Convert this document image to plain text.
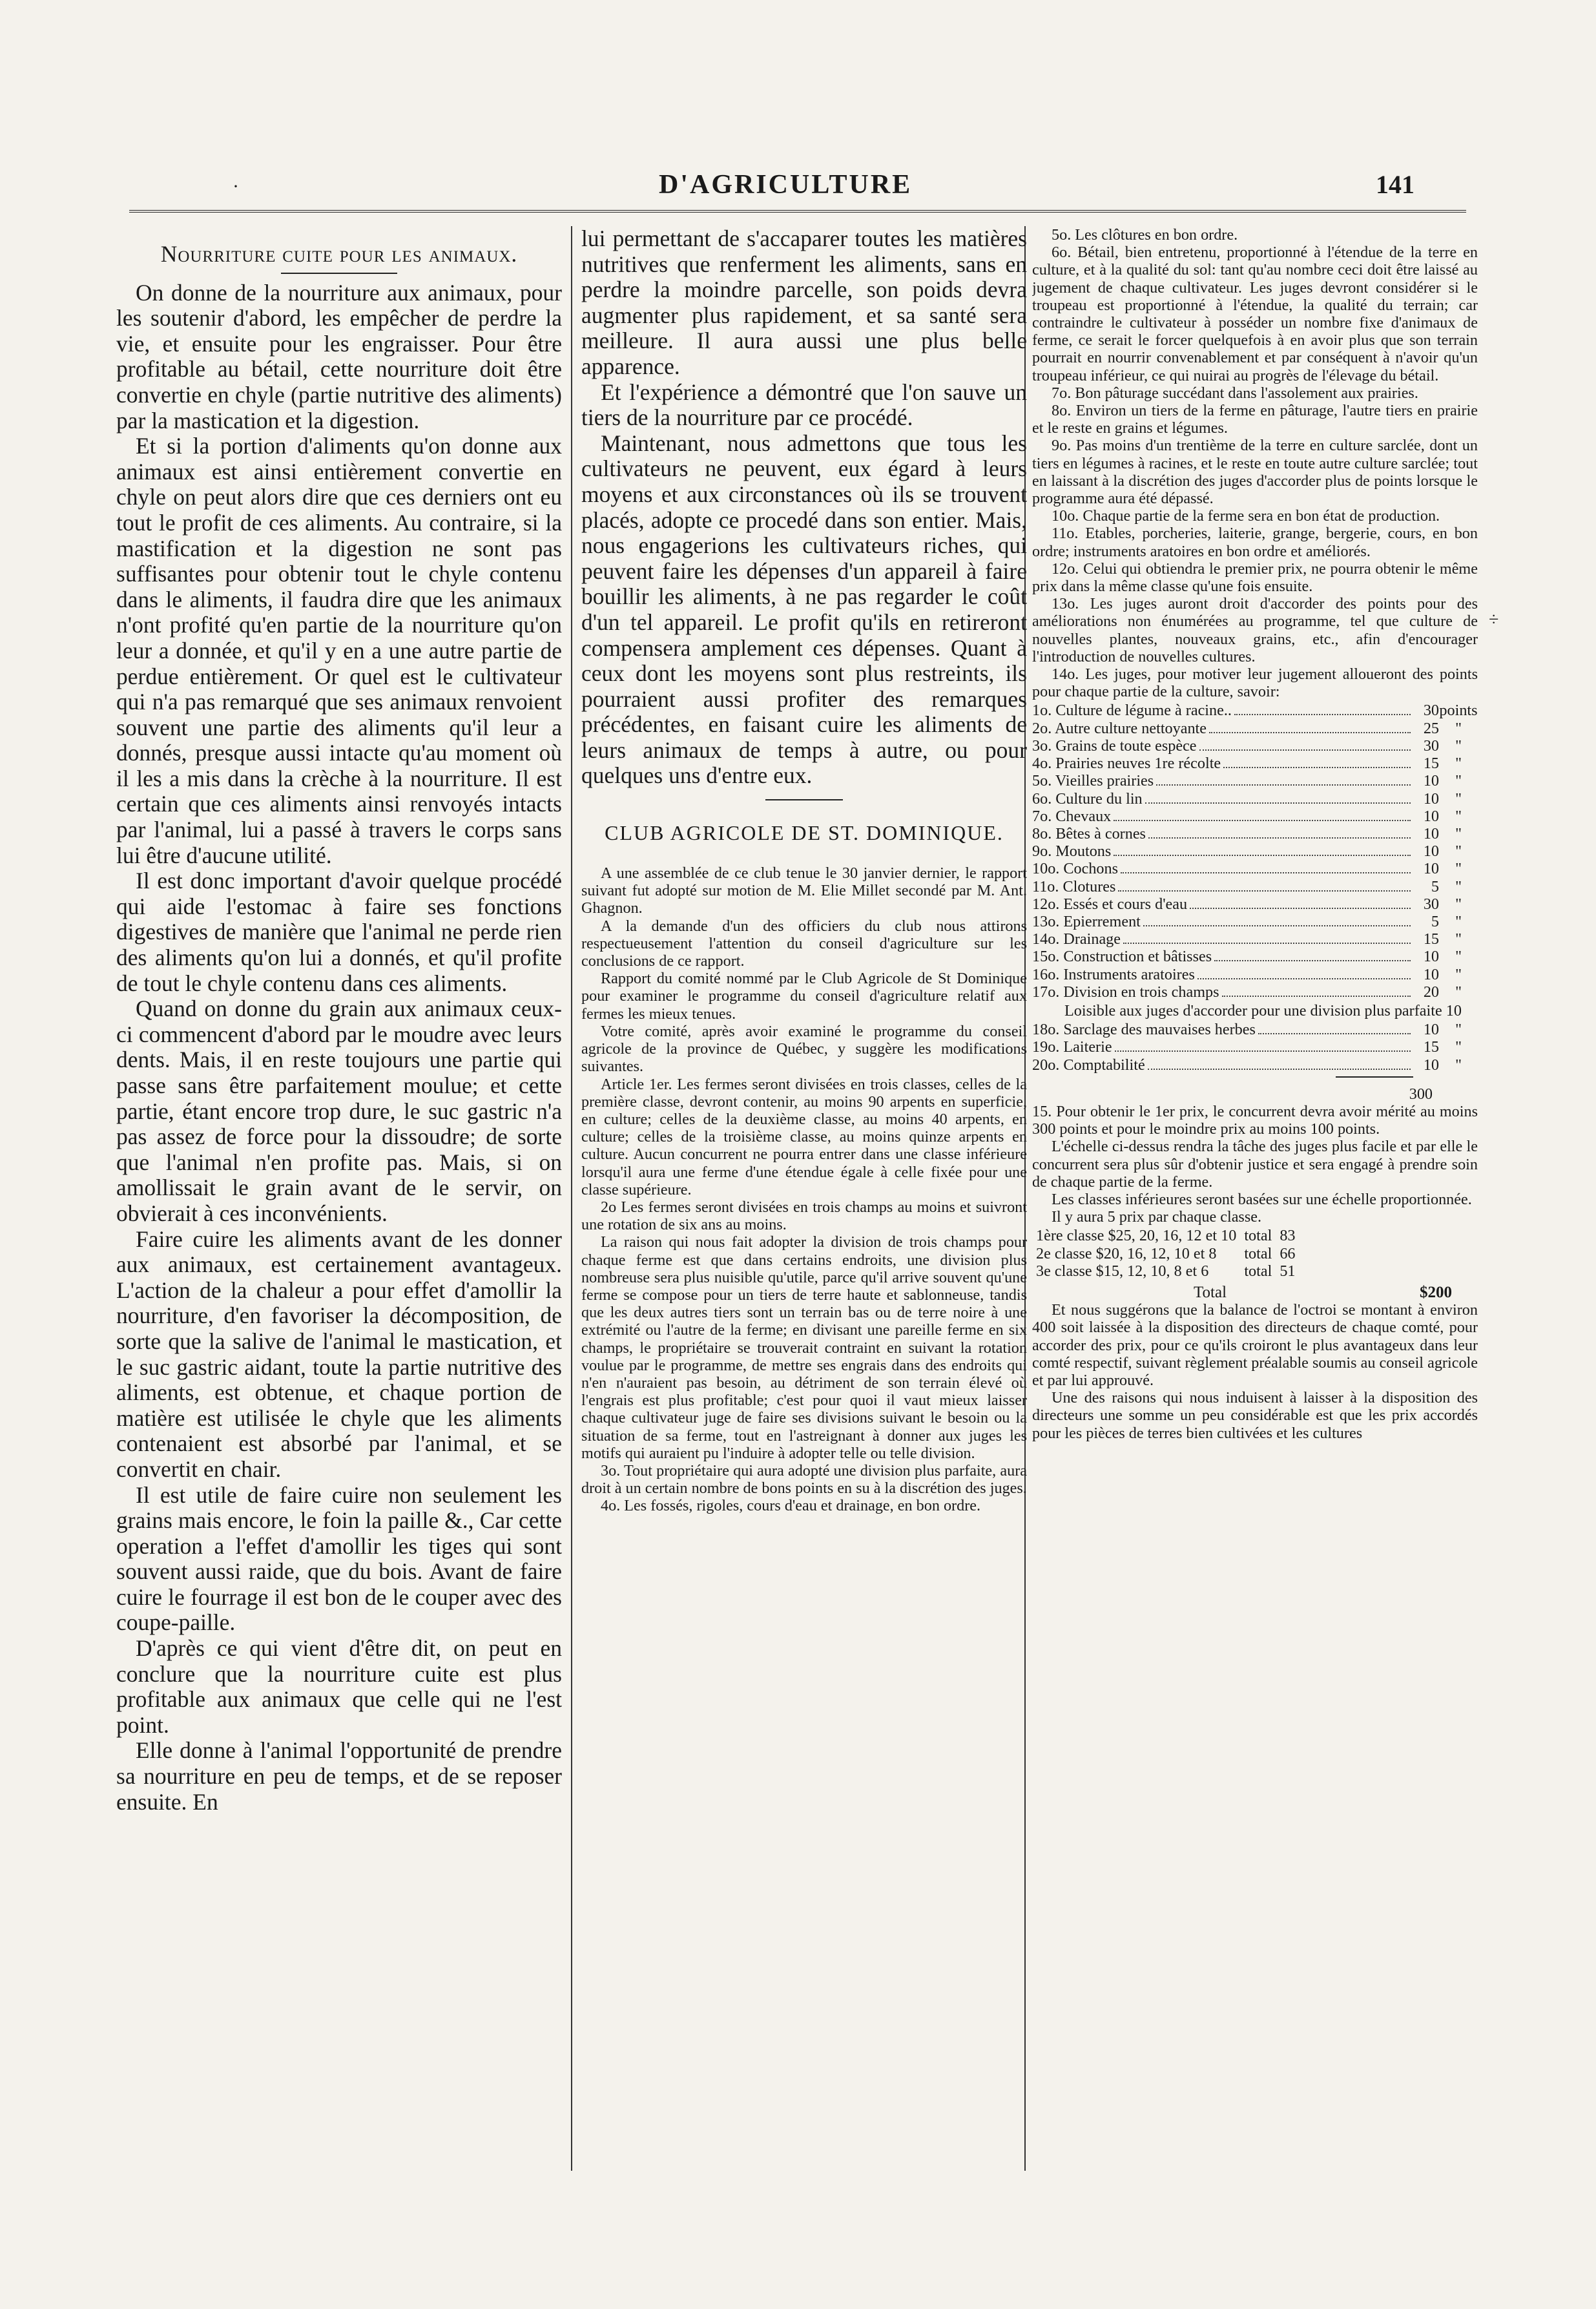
·	D'AGRICULTURE	141

Nourriture cuite pour les animaux.

On donne de la nourriture aux animaux, pour les soutenir d'abord, les empêcher de perdre la vie, et ensuite pour les engraisser. Pour être profitable au bétail, cette nourriture doit être convertie en chyle (partie nutritive des aliments) par la mastication et la digestion.

Et si la portion d'aliments qu'on donne aux animaux est ainsi entièrement convertie en chyle on peut alors dire que ces derniers ont eu tout le profit de ces aliments. Au contraire, si la mastification et la digestion ne sont pas suffisantes pour obtenir tout le chyle contenu dans le aliments, il faudra dire que les animaux n'ont profité qu'en partie de la nourriture qu'on leur a donnée, et qu'il y en a une autre partie de perdue entièrement. Or quel est le cultivateur qui n'a pas remarqué que ses animaux renvoient souvent une partie des aliments qu'il leur a donnés, presque aussi intacte qu'au moment où il les a mis dans la crèche à la nourriture. Il est certain que ces aliments ainsi renvoyés intacts par l'animal, lui a passé à travers le corps sans lui être d'aucune utilité.

Il est donc important d'avoir quelque procédé qui aide l'estomac à faire ses fonctions digestives de manière que l'animal ne perde rien des aliments qu'on lui a donnés, et qu'il profite de tout le chyle contenu dans ces aliments.

Quand on donne du grain aux animaux ceux-ci commencent d'abord par le moudre avec leurs dents. Mais, il en reste toujours une partie qui passe sans être parfaitement moulue; et cette partie, étant encore trop dure, le suc gastric n'a pas assez de force pour la dissoudre; de sorte que l'animal n'en profite pas. Mais, si on amollissait le grain avant de le servir, on obvierait à ces inconvénients.

Faire cuire les aliments avant de les donner aux animaux, est certainement avantageux. L'action de la chaleur a pour effet d'amollir la nourriture, d'en favoriser la décomposition, de sorte que la salive de l'animal le mastication, et le suc gastric aidant, toute la partie nutritive des aliments, est obtenue, et chaque portion de matière est utilisée le chyle que les aliments contenaient est absorbé par l'animal, et se convertit en chair.

Il est utile de faire cuire non seulement les grains mais encore, le foin la paille &., Car cette operation a l'effet d'amollir les tiges qui sont souvent aussi raide, que du bois. Avant de faire cuire le fourrage il est bon de le couper avec des coupe-paille.

D'après ce qui vient d'être dit, on peut en conclure que la nourriture cuite est plus profitable aux animaux que celle qui ne l'est point.

Elle donne à l'animal l'opportunité de prendre sa nourriture en peu de temps, et de se reposer ensuite. En

lui permettant de s'accaparer toutes les matières nutritives que renferment les aliments, sans en perdre la moindre parcelle, son poids devra augmenter plus rapidement, et sa santé sera meilleure. Il aura aussi une plus belle apparence.

Et l'expérience a démontré que l'on sauve un tiers de la nourriture par ce procédé.

Maintenant, nous admettons que tous les cultivateurs ne peuvent, eux égard à leurs moyens et aux circonstances où ils se trouvent placés, adopte ce procedé dans son entier. Mais, nous engagerions les cultivateurs riches, qui peuvent faire les dépenses d'un appareil à faire bouillir les aliments, à ne pas regarder le coût d'un tel appareil. Le profit qu'ils en retireront compensera amplement ces dépenses. Quant à ceux dont les moyens sont plus restreints, ils pourraient aussi profiter des remarques précédentes, en faisant cuire les aliments de leurs animaux de temps à autre, ou pour quelques uns d'entre eux.

CLUB AGRICOLE DE ST. DOMINIQUE.

A une assemblée de ce club tenue le 30 janvier dernier, le rapport suivant fut adopté sur motion de M. Elie Millet secondé par M. Ant. Ghagnon.

A la demande d'un des officiers du club nous attirons respectueusement l'attention du conseil d'agriculture sur les conclusions de ce rapport.

Rapport du comité nommé par le Club Agricole de St Dominique pour examiner le programme du conseil d'agriculture relatif aux fermes les mieux tenues.

Votre comité, après avoir examiné le programme du conseil agricole de la province de Québec, y suggère les modifications suivantes.

Article 1er. Les fermes seront divisées en trois classes, celles de la première classe, devront contenir, au moins 90 arpents en superficie, en culture; celles de la deuxième classe, au moins 40 arpents, en culture; celles de la troisième classe, au moins quinze arpents en culture. Aucun concurrent ne pourra entrer dans une classe inférieure lorsqu'il aura une ferme d'une étendue égale à celle fixée pour une classe supérieure.

2o Les fermes seront divisées en trois champs au moins et suivront une rotation de six ans au moins.

La raison qui nous fait adopter la division de trois champs pour chaque ferme est que dans certains endroits, une division plus nombreuse sera plus nuisible qu'utile, parce qu'il arrive souvent qu'une ferme se compose pour un tiers de terre haute et sablonneuse, tandis que les deux autres tiers sont un terrain bas ou de terre noire à une extrémité ou l'autre de la ferme; en divisant une pareille ferme en six champs, le propriétaire se trouverait contraint en suivant la rotation voulue par le programme, de mettre ses engrais dans des endroits qui n'en n'auraient pas besoin, au détriment de son terrain élevé où l'engrais est plus profitable; c'est pour quoi il vaut mieux laisser chaque cultivateur juge de faire ses divisions suivant le besoin ou la situation de sa ferme, tout en l'astreignant à donner aux juges les motifs qui auraient pu l'induire à adopter telle ou telle division.

3o. Tout propriétaire qui aura adopté une division plus parfaite, aura droit à un certain nombre de bons points en su à la discrétion des juges.

4o. Les fossés, rigoles, cours d'eau et drainage, en bon ordre.

5o. Les clôtures en bon ordre.

6o. Bétail, bien entretenu, proportionné à l'étendue de la terre en culture, et à la qualité du sol: tant qu'au nombre ceci doit être laissé au jugement de chaque cultivateur. Les juges devront considérer si le troupeau est proportionné à l'étendue, la qualité du terrain; car contraindre le cultivateur à posséder un nombre fixe d'animaux de ferme, ce serait le forcer quelquefois à en avoir plus que son terrain pourrait en nourrir convenablement et par conséquent à n'avoir qu'un troupeau inférieur, ce qui nuirai au progrès de l'élevage du bétail.

7o. Bon pâturage succédant dans l'assolement aux prairies.

8o. Environ un tiers de la ferme en pâturage, l'autre tiers en prairie et le reste en grains et légumes.

9o. Pas moins d'un trentième de la terre en culture sarclée, dont un tiers en légumes à racines, et le reste en toute autre culture sarclée; tout en laissant à la discrétion des juges d'accorder plus de points lorsque le programme aura été dépassé.

10o. Chaque partie de la ferme sera en bon état de production.

11o. Etables, porcheries, laiterie, grange, bergerie, cours, en bon ordre; instruments aratoires en bon ordre et améliorés.

12o. Celui qui obtiendra le premier prix, ne pourra obtenir le même prix dans la même classe qu'une fois ensuite.

13o. Les juges auront droit d'accorder des points pour des améliorations non énumérées au programme, tel que culture de nouvelles plantes, nouveaux grains, etc., afin d'encourager l'introduction de nouvelles cultures.

14o. Les juges, pour motiver leur jugement alloueront des points pour chaque partie de la culture, savoir:

1o. Culture de légume à racine..	30 points
2o. Autre culture nettoyante	25	"
3o. Grains de toute espèce	30	"
4o. Prairies neuves 1re récolte	15	"
5o. Vieilles prairies	10	"
6o. Culture du lin	10	"
7o. Chevaux	10	"
8o. Bêtes à cornes	10	"
9o. Moutons	10	"
10o. Cochons	10	"
11o. Clotures	5	"
12o. Essés et cours d'eau	30	"
13o. Epierrement	5	"
14o. Drainage	15	"
15o. Construction et bâtisses	10	"
16o. Instruments aratoires	10	"
17o. Division en trois champs	20	"

Loisible aux juges d'accorder pour une division plus parfaite 10

18o. Sarclage des mauvaises herbes	10	"
19o. Laiterie	15	"
20o. Comptabilité	10	"

300

15. Pour obtenir le 1er prix, le concurrent devra avoir mérité au moins 300 points et pour le moindre prix au moins 100 points.

L'échelle ci-dessus rendra la tâche des juges plus facile et par elle le concurrent sera plus sûr d'obtenir justice et sera engagé à prendre soin de chaque partie de la ferme.

Les classes inférieures seront basées sur une échelle proportionnée.

Il y aura 5 prix par chaque classe.

1ère classe $25, 20, 16, 12 et 10	total	83
2e classe $20, 16, 12, 10 et 8	total	66
3e classe $15, 12, 10, 8 et 6	total	51

Total	$200

Et nous suggérons que la balance de l'octroi se montant à environ 400 soit laissée à la disposition des directeurs de chaque comté, pour accorder des prix, pour ce qu'ils croiront le plus avantageux dans leur comté respectif, suivant règlement préalable soumis au conseil agricole et par lui approuvé.

Une des raisons qui nous induisent à laisser à la disposition des directeurs une somme un peu considérable est que les prix accordés pour les pièces de terres bien cultivées et les cultures

÷
